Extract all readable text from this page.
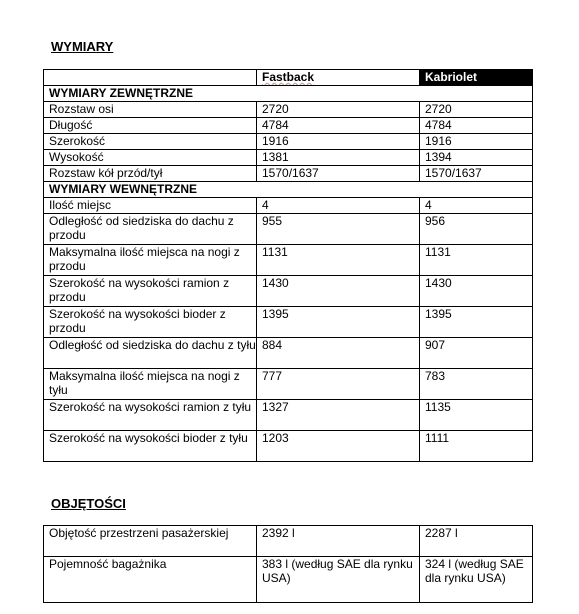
WYMIARY
	Fastback	Kabriolet
WYMIARY ZEWNĘTRZNE		
Rozstaw osi	2720	2720
Długość	4784	4784
Szerokość	1916	1916
Wysokość	1381	1394
Rozstaw kół przód/tył	1570/1637	1570/1637
WYMIARY WEWNĘTRZNE		
Ilość miejsc	4	4
Odległość od siedziska do dachu z przodu	955	956
Maksymalna ilość miejsca na nogi z przodu	1131	1131
Szerokość na wysokości ramion z przodu	1430	1430
Szerokość na wysokości bioder z przodu	1395	1395
Odległość od siedziska do dachu z tyłu	884	907
Maksymalna ilość miejsca na nogi z tyłu	777	783
Szerokość na wysokości ramion z tyłu	1327	1135
Szerokość na wysokości bioder z tyłu	1203	1111
OBJĘTOŚCI
Objętość przestrzeni pasażerskiej	2392 l	2287 l
Pojemność bagażnika	383 l (według SAE dla rynku USA)	324 l (według SAE dla rynku USA)
